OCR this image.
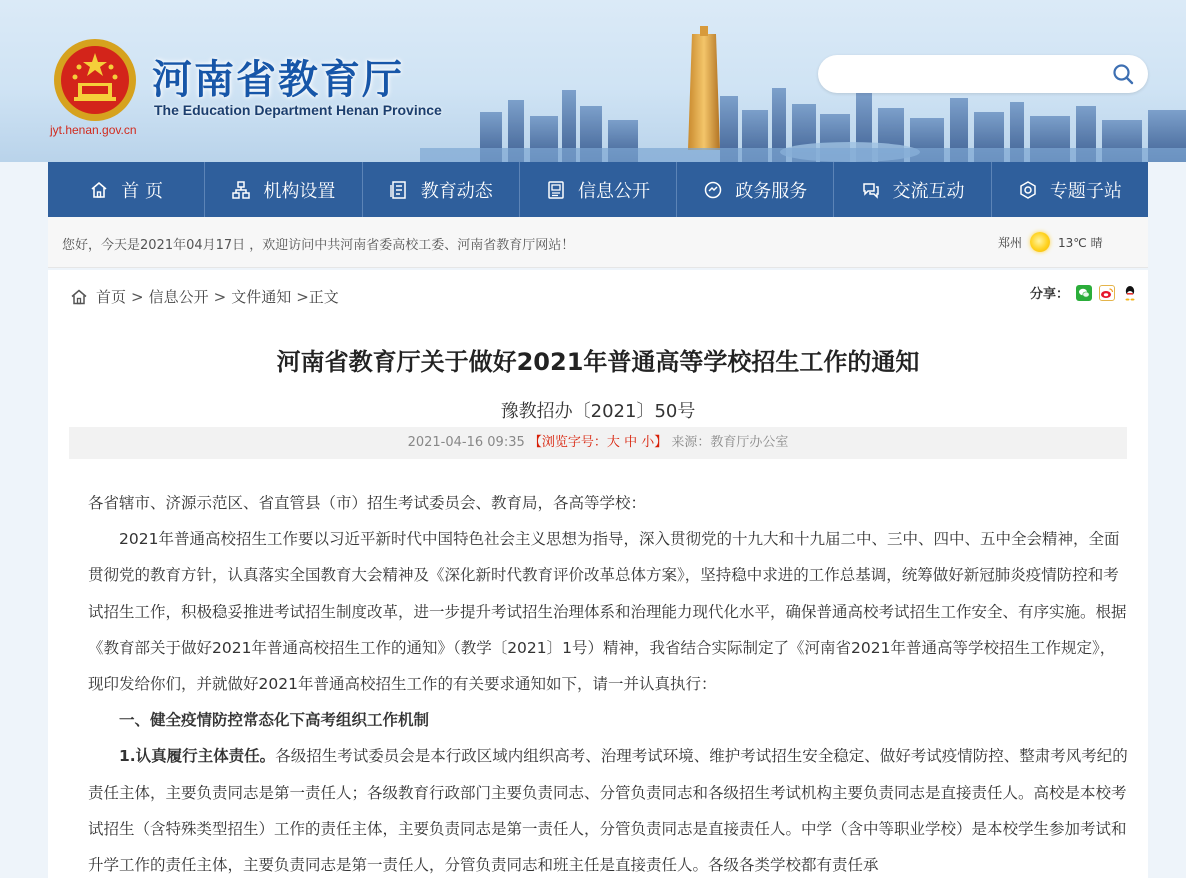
jyt.henan.gov.cn
河南省教育厅
The Education Department Henan Province
首 页	机构设置	教育动态	信息公开	政务服务	交流互动	专题子站
您好，今天是2021年04月17日 ，欢迎访问中共河南省委高校工委、河南省教育厅网站！	郑州	13℃ 晴
首页 > 信息公开 > 文件通知 > 正文	分享：
河南省教育厅关于做好2021年普通高等学校招生工作的通知
豫教招办〔2021〕50号
2021-04-16 09:35 【浏览字号：大 中 小】 来源：教育厅办公室

各省辖市、济源示范区、省直管县（市）招生考试委员会、教育局，各高等学校：

2021年普通高校招生工作要以习近平新时代中国特色社会主义思想为指导，深入贯彻党的十九大和十九届二中、三中、四中、五中全会精神，全面贯彻党的教育方针，认真落实全国教育大会精神及《深化新时代教育评价改革总体方案》，坚持稳中求进的工作总基调，统筹做好新冠肺炎疫情防控和考试招生工作，积极稳妥推进考试招生制度改革，进一步提升考试招生治理体系和治理能力现代化水平，确保普通高校考试招生工作安全、有序实施。根据《教育部关于做好2021年普通高校招生工作的通知》（教学〔2021〕1号）精神，我省结合实际制定了《河南省2021年普通高等学校招生工作规定》，现印发给你们，并就做好2021年普通高校招生工作的有关要求通知如下，请一并认真执行：

一、健全疫情防控常态化下高考组织工作机制

1.认真履行主体责任。各级招生考试委员会是本行政区域内组织高考、治理考试环境、维护考试招生安全稳定、做好考试疫情防控、整肃考风考纪的责任主体，主要负责同志是第一责任人；各级教育行政部门主要负责同志、分管负责同志和各级招生考试机构主要负责同志是直接责任人。高校是本校考试招生（含特殊类型招生）工作的责任主体，主要负责同志是第一责任人，分管负责同志是直接责任人。中学（含中等职业学校）是本校学生参加考试和升学工作的责任主体，主要负责同志是第一责任人，分管负责同志和班主任是直接责任人。各级各类学校都有责任承
